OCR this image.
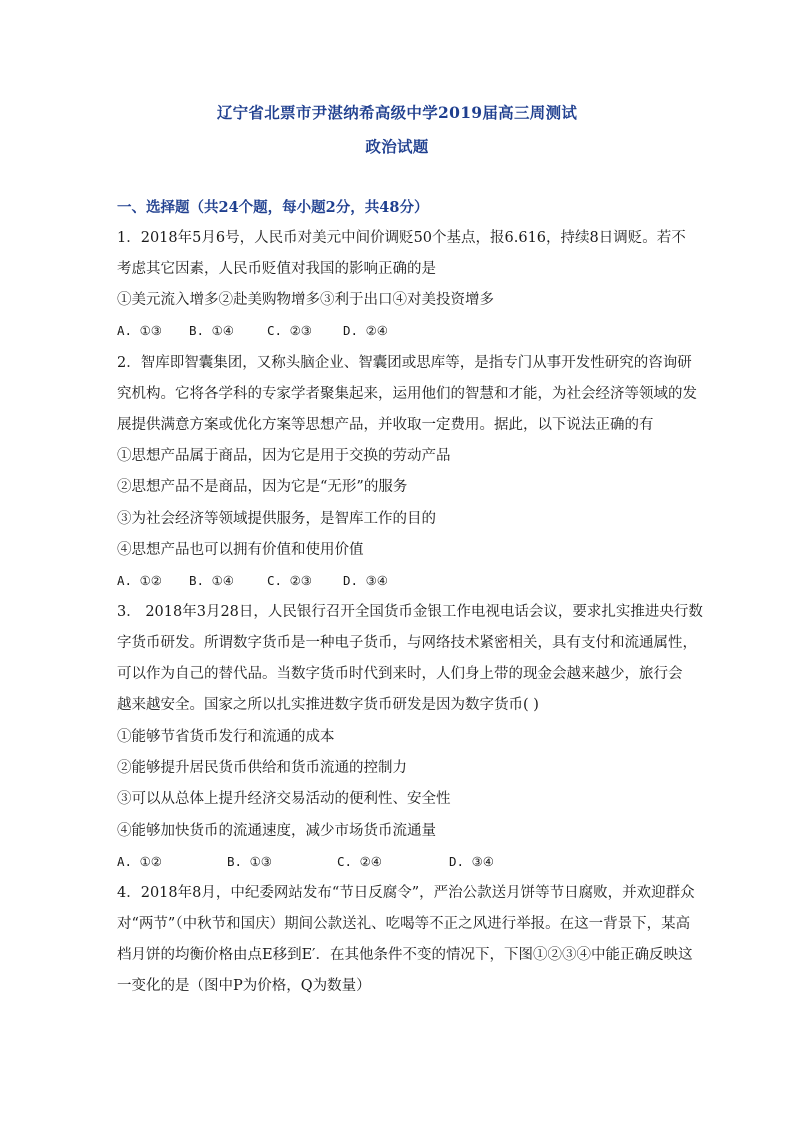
辽宁省北票市尹湛纳希高级中学2019届高三周测试
政治试题
一、选择题（共24个题，每小题2分，共48分）
1．2018年5月6号，人民币对美元中间价调贬50个基点，报6.616，持续8日调贬。若不
考虑其它因素，人民币贬值对我国的影响正确的是
①美元流入增多②赴美购物增多③利于出口④对美投资增多
A. ①③ B. ①④	C. ②③ D. ②④
2．智库即智囊集团，又称头脑企业、智囊团或思库等，是指专门从事开发性研究的咨询研
究机构。它将各学科的专家学者聚集起来，运用他们的智慧和才能，为社会经济等领域的发
展提供满意方案或优化方案等思想产品，并收取一定费用。据此，以下说法正确的有
①思想产品属于商品，因为它是用于交换的劳动产品
②思想产品不是商品，因为它是“无形”的服务
③为社会经济等领域提供服务，是智库工作的目的
④思想产品也可以拥有价值和使用价值
A. ①② B. ①④	C. ②③ D. ③④
3． 2018年3月28日，人民银行召开全国货币金银工作电视电话会议，要求扎实推进央行数
字货币研发。所谓数字货币是一种电子货币，与网络技术紧密相关，具有支付和流通属性，
可以作为自己的替代品。当数字货币时代到来时，人们身上带的现金会越来越少，旅行会
越来越安全。国家之所以扎实推进数字货币研发是因为数字货币( )
①能够节省货币发行和流通的成本
②能够提升居民货币供给和货币流通的控制力
③可以从总体上提升经济交易活动的便利性、安全性
④能够加快货币的流通速度，减少市场货币流通量
A. ①②	B. ①③	C. ②④	D. ③④
4．2018年8月，中纪委网站发布“节日反腐令”，严治公款送月饼等节日腐败，并欢迎群众
对“两节”（中秋节和国庆）期间公款送礼、吃喝等不正之风进行举报。在这一背景下，某高
档月饼的均衡价格由点E移到E′．在其他条件不变的情况下，下图①②③④中能正确反映这
一变化的是（图中P为价格，Q为数量）
